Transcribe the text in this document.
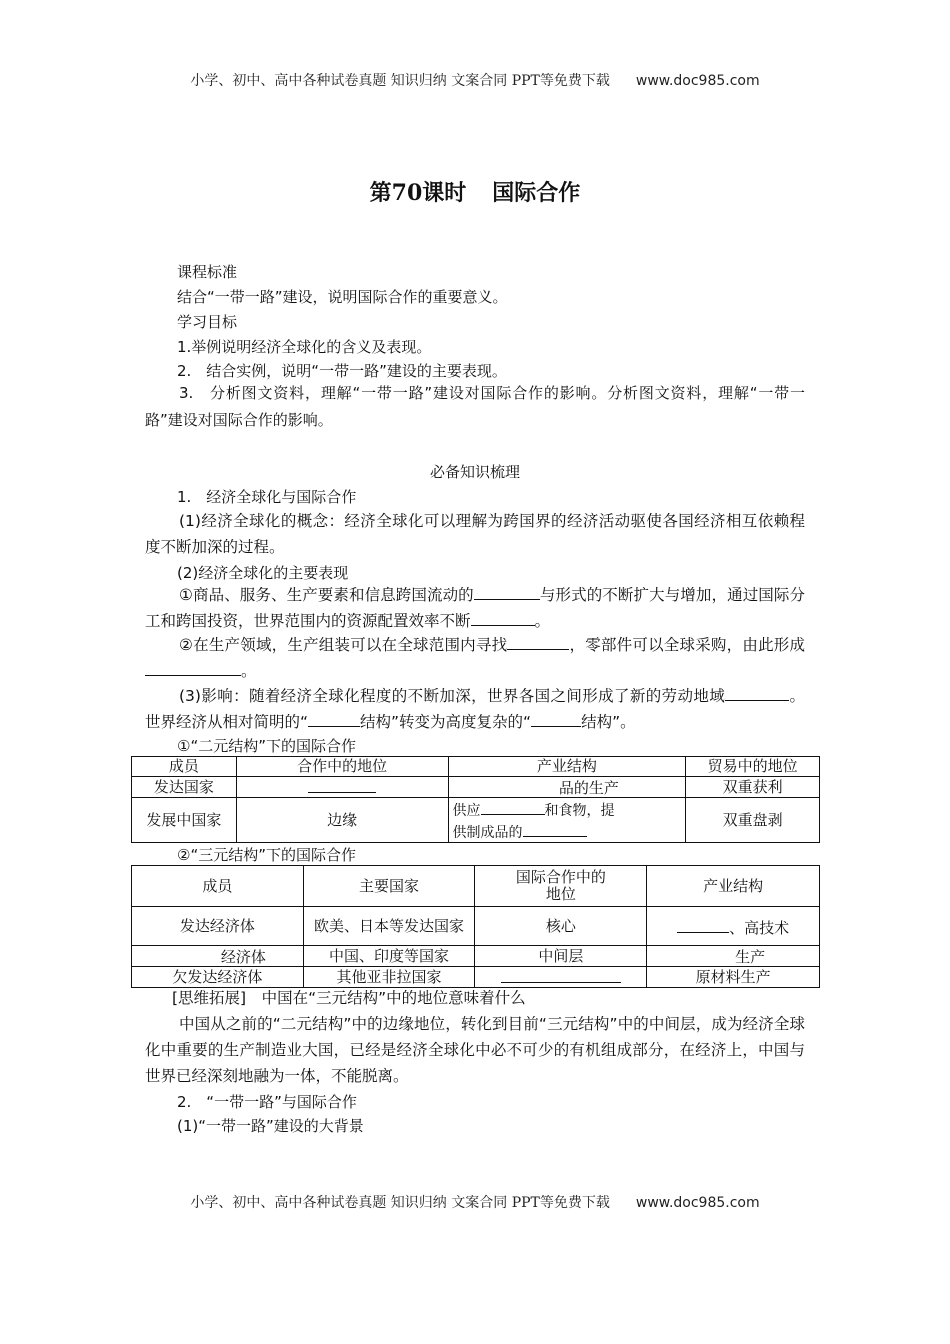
小学、初中、高中各种试卷真题 知识归纳 文案合同 PPT等免费下载 www.doc985.com
第70课时 国际合作
课程标准
结合“一带一路”建设，说明国际合作的重要意义。
学习目标
1.举例说明经济全球化的含义及表现。
2.　结合实例，说明“一带一路”建设的主要表现。
3.　分析图文资料，理解“一带一路”建设对国际合作的影响。分析图文资料，理解“一带一路”建设对国际合作的影响。
必备知识梳理
1.　经济全球化与国际合作
(1)经济全球化的概念：经济全球化可以理解为跨国界的经济活动驱使各国经济相互依赖程度不断加深的过程。
(2)经济全球化的主要表现
①商品、服务、生产要素和信息跨国流动的	与形式的不断扩大与增加，通过国际分工和跨国投资，世界范围内的资源配置效率不断	。
②在生产领域，生产组装可以在全球范围内寻找	，零部件可以全球采购，由此形成。
(3)影响：随着经济全球化程度的不断加深，世界各国之间形成了新的劳动地域	。世界经济从相对简明的“	结构”转变为高度复杂的“	结构”。
①“二元结构”下的国际合作
成员	合作中的地位	产业结构	贸易中的地位
发达国家		品的生产	双重获利
发展中国家	边缘	供应 和食物，提
供制成品的	双重盘剥
②“三元结构”下的国际合作
成员	主要国家	国际合作中的地位	产业结构
发达经济体	欧美、日本等发达国家	核心	、高技术
经济体	中国、印度等国家	中间层	生产
欠发达经济体	其他亚非拉国家		原材料生产
[思维拓展]　中国在“三元结构”中的地位意味着什么
中国从之前的“二元结构”中的边缘地位，转化到目前“三元结构”中的中间层，成为经济全球化中重要的生产制造业大国，已经是经济全球化中必不可少的有机组成部分，在经济上，中国与世界已经深刻地融为一体，不能脱离。
2.　“一带一路”与国际合作
(1)“一带一路”建设的大背景
小学、初中、高中各种试卷真题 知识归纳 文案合同 PPT等免费下载 www.doc985.com
